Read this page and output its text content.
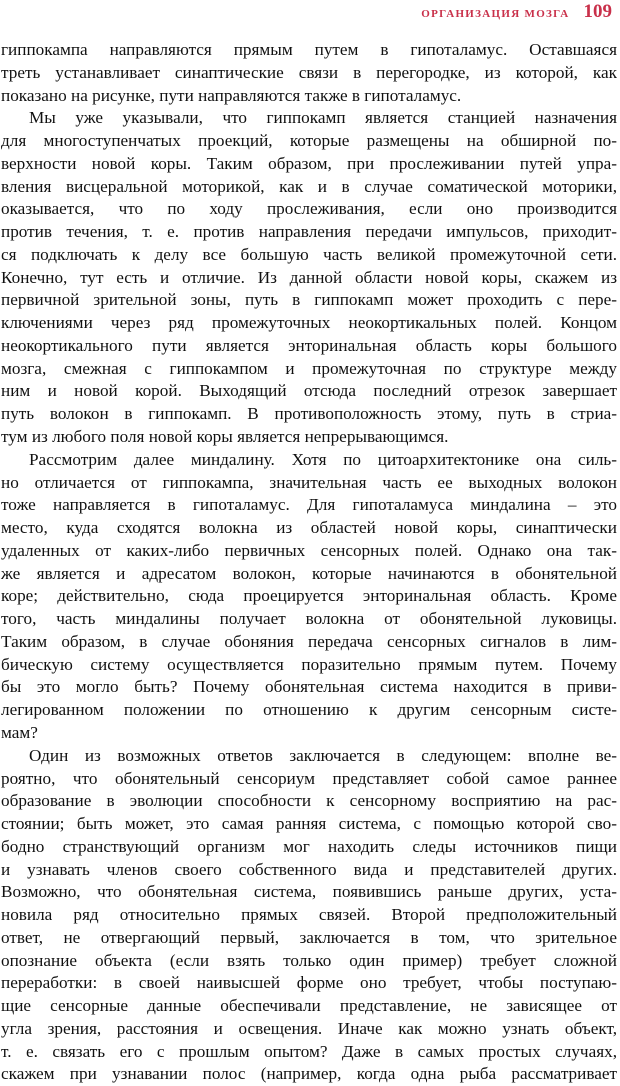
ОРГАНИЗАЦИЯ МОЗГА 109
гиппокампа направляются прямым путем в гипоталамус. Оставшаяся
треть устанавливает синаптические связи в перегородке, из которой, как
показано на рисунке, пути направляются также в гипоталамус.
Мы уже указывали, что гиппокамп является станцией назначения
для многоступенчатых проекций, которые размещены на обширной по-
верхности новой коры. Таким образом, при прослеживании путей упра-
вления висцеральной моторикой, как и в случае соматической моторики,
оказывается, что по ходу прослеживания, если оно производится
против течения, т. е. против направления передачи импульсов, приходит-
ся подключать к делу все большую часть великой промежуточной сети.
Конечно, тут есть и отличие. Из данной области новой коры, скажем из
первичной зрительной зоны, путь в гиппокамп может проходить с пере-
ключениями через ряд промежуточных неокортикальных полей. Концом
неокортикального пути является энторинальная область коры большого
мозга, смежная с гиппокампом и промежуточная по структуре между
ним и новой корой. Выходящий отсюда последний отрезок завершает
путь волокон в гиппокамп. В противоположность этому, путь в стриа-
тум из любого поля новой коры является непрерывающимся.
Рассмотрим далее миндалину. Хотя по цитоархитектонике она силь-
но отличается от гиппокампа, значительная часть ее выходных волокон
тоже направляется в гипоталамус. Для гипоталамуса миндалина – это
место, куда сходятся волокна из областей новой коры, синаптически
удаленных от каких-либо первичных сенсорных полей. Однако она так-
же является и адресатом волокон, которые начинаются в обонятельной
коре; действительно, сюда проецируется энторинальная область. Кроме
того, часть миндалины получает волокна от обонятельной луковицы.
Таким образом, в случае обоняния передача сенсорных сигналов в лим-
бическую систему осуществляется поразительно прямым путем. Почему
бы это могло быть? Почему обонятельная система находится в приви-
легированном положении по отношению к другим сенсорным систе-
мам?
Один из возможных ответов заключается в следующем: вполне ве-
роятно, что обонятельный сенсориум представляет собой самое раннее
образование в эволюции способности к сенсорному восприятию на рас-
стоянии; быть может, это самая ранняя система, с помощью которой сво-
бодно странствующий организм мог находить следы источников пищи
и узнавать членов своего собственного вида и представителей других.
Возможно, что обонятельная система, появившись раньше других, уста-
новила ряд относительно прямых связей. Второй предположительный
ответ, не отвергающий первый, заключается в том, что зрительное
опознание объекта (если взять только один пример) требует сложной
переработки: в своей наивысшей форме оно требует, чтобы поступаю-
щие сенсорные данные обеспечивали представление, не зависящее от
угла зрения, расстояния и освещения. Иначе как можно узнать объект,
т. е. связать его с прошлым опытом? Даже в самых простых случаях,
скажем при узнавании полос (например, когда одна рыба рассматривает
